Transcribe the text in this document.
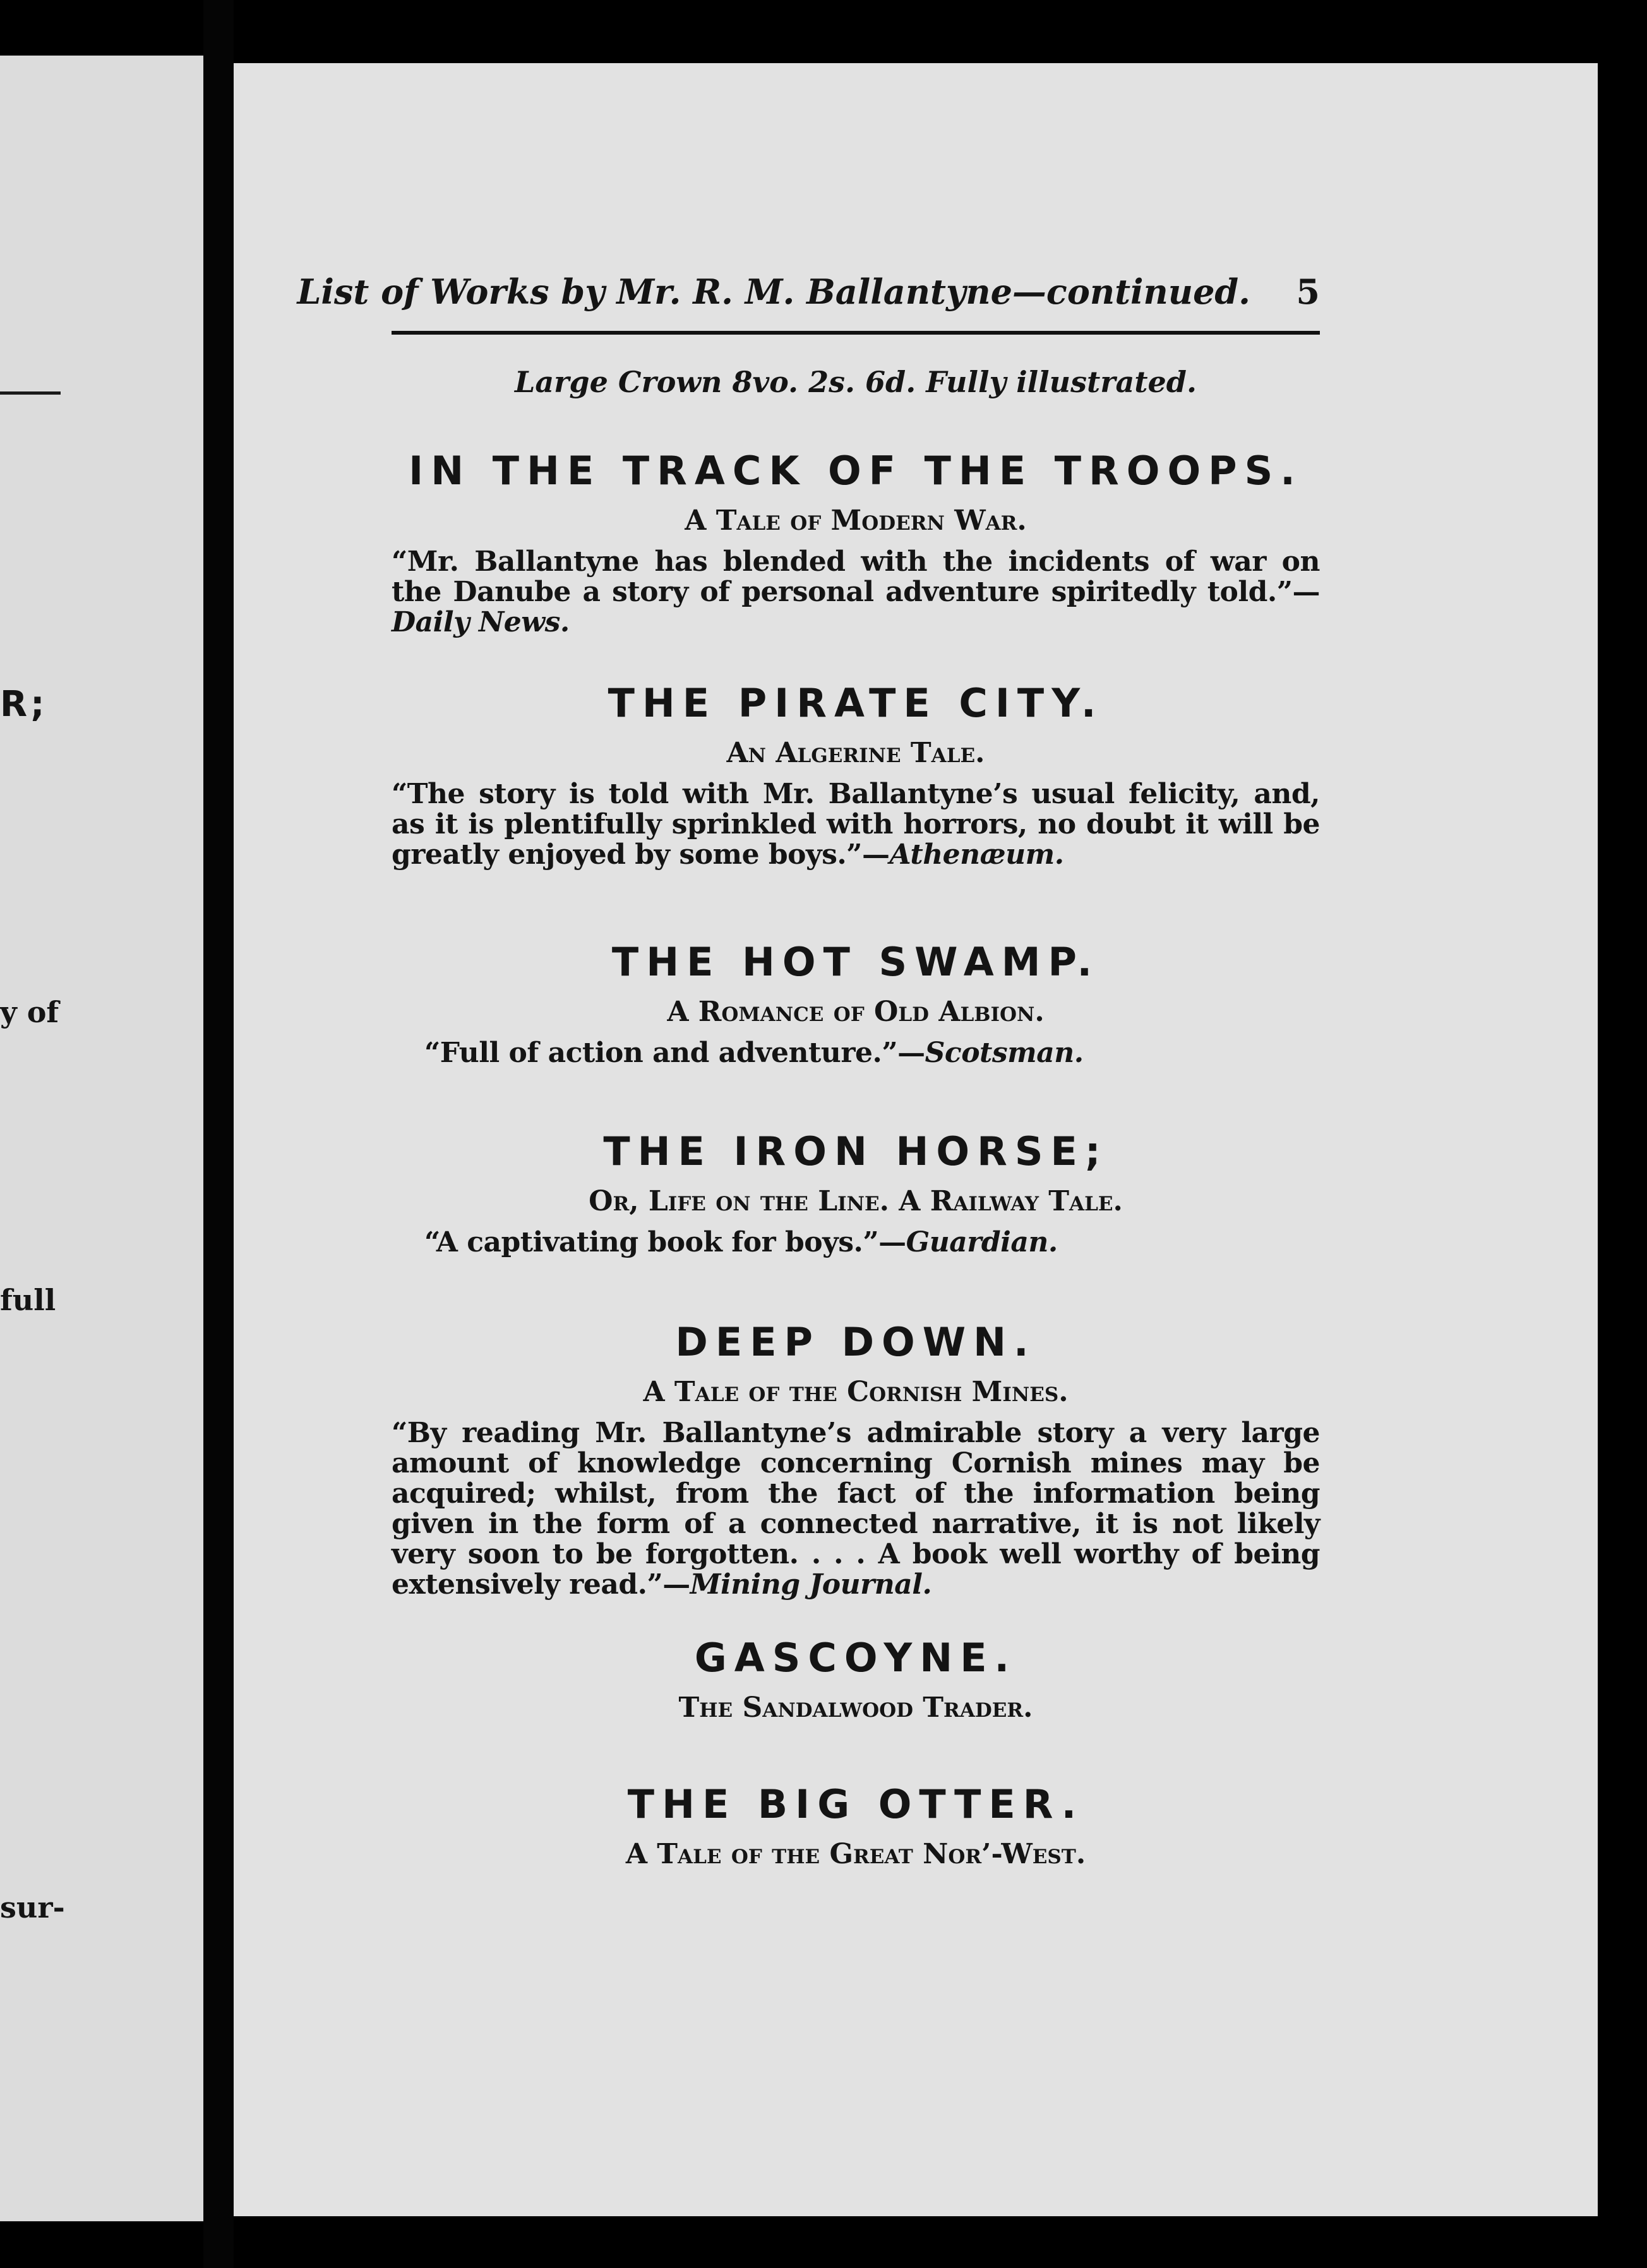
R;
y of
full
sur-
List of Works by Mr. R. M. Ballantyne—continued. 5
Large Crown 8vo. 2s. 6d. Fully illustrated.
IN THE TRACK OF THE TROOPS.

A Tale of Modern War.

“Mr. Ballantyne has blended with the incidents of war on the Danube a story of personal adventure spiritedly told.”—Daily News.

THE PIRATE CITY.

An Algerine Tale.

“The story is told with Mr. Ballantyne’s usual felicity, and, as it is plentifully sprinkled with horrors, no doubt it will be greatly enjoyed by some boys.”—Athenæum.

THE HOT SWAMP.

A Romance of Old Albion.

“Full of action and adventure.”—Scotsman.

THE IRON HORSE;

Or, Life on the Line. A Railway Tale.

“A captivating book for boys.”—Guardian.

DEEP DOWN.

A Tale of the Cornish Mines.

“By reading Mr. Ballantyne’s admirable story a very large amount of knowledge concerning Cornish mines may be acquired; whilst, from the fact of the information being given in the form of a connected narrative, it is not likely very soon to be forgotten. . . . A book well worthy of being extensively read.”—Mining Journal.

GASCOYNE.

The Sandalwood Trader.

THE BIG OTTER.

A Tale of the Great Nor’-West.
